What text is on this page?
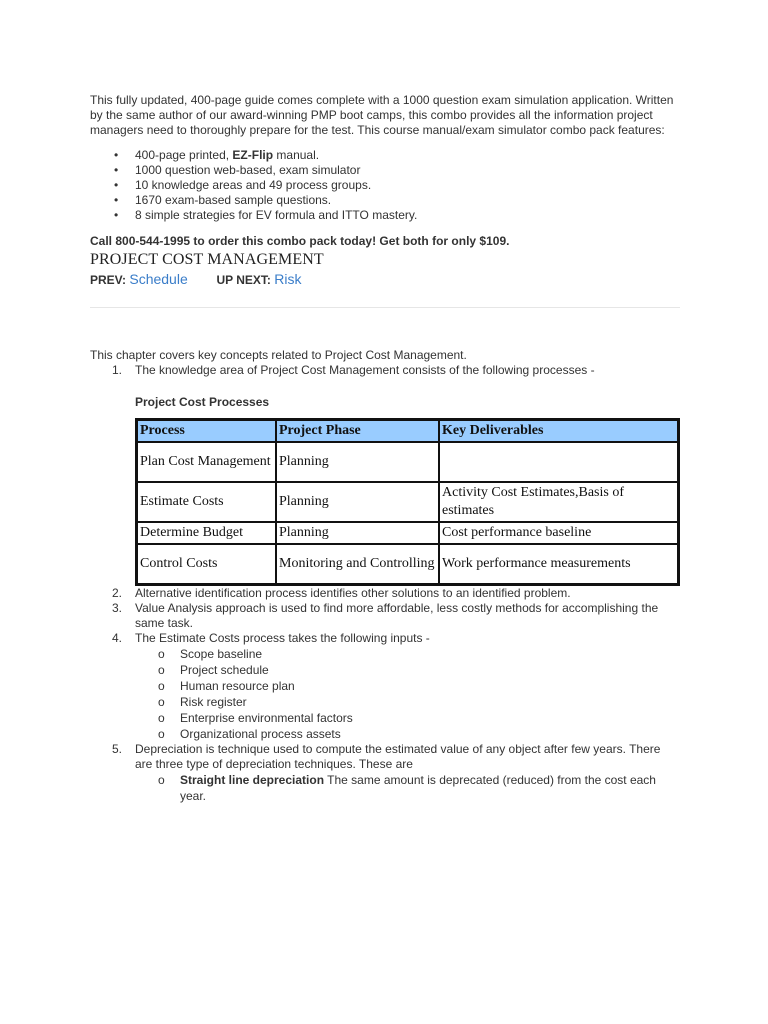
This fully updated, 400-page guide comes complete with a 1000 question exam simulation application. Written by the same author of our award-winning PMP boot camps, this combo provides all the information project managers need to thoroughly prepare for the test. This course manual/exam simulator combo pack features:

• 400-page printed, EZ-Flip manual.
• 1000 question web-based, exam simulator
• 10 knowledge areas and 49 process groups.
• 1670 exam-based sample questions.
• 8 simple strategies for EV formula and ITTO mastery.
Call 800-544-1995 to order this combo pack today! Get both for only $109.
PROJECT COST MANAGEMENT
PREV: Schedule UP NEXT: Risk
This chapter covers key concepts related to Project Cost Management.
1. The knowledge area of Project Cost Management consists of the following processes -
Project Cost Processes
Process	Project Phase	Key Deliverables
Plan Cost Management	Planning	
Estimate Costs	Planning	Activity Cost Estimates,Basis of estimates
Determine Budget	Planning	Cost performance baseline
Control Costs	Monitoring and Controlling	Work performance measurements
2. Alternative identification process identifies other solutions to an identified problem.
3. Value Analysis approach is used to find more affordable, less costly methods for accomplishing the same task.
4. The Estimate Costs process takes the following inputs -
o Scope baseline
o Project schedule
o Human resource plan
o Risk register
o Enterprise environmental factors
o Organizational process assets
5. Depreciation is technique used to compute the estimated value of any object after few years. There are three type of depreciation techniques. These are
o Straight line depreciation The same amount is deprecated (reduced) from the cost each year.
